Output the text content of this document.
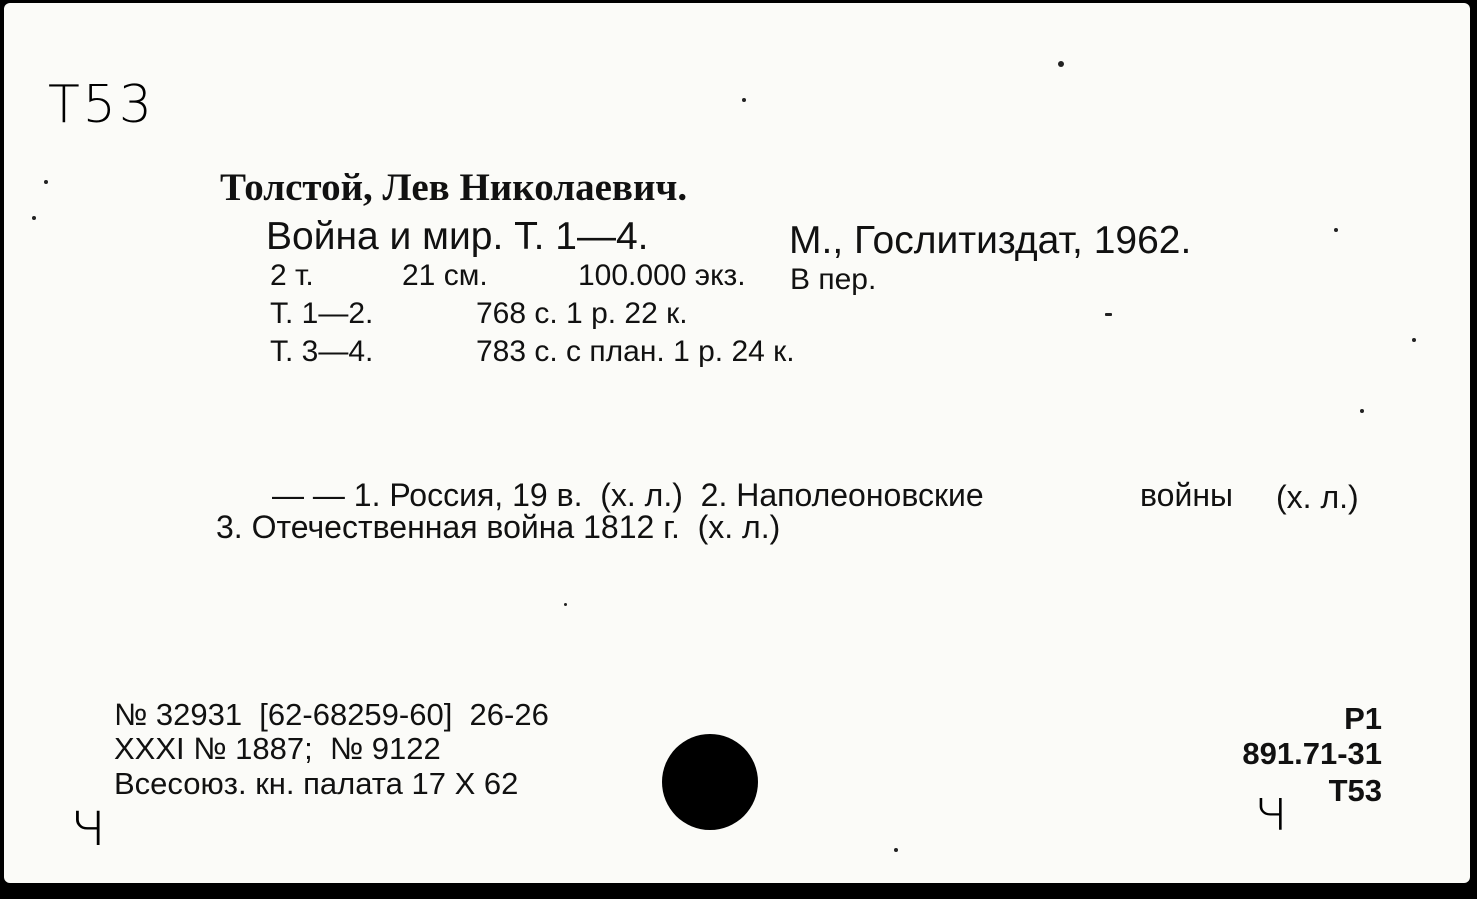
Т53
Толстой, Лев Николаевич.
Война и мир. Т. 1—4.	М., Гослитиздат, 1962.
2 т.	21 см.	100.000 экз. В пер.
Т. 1—2.	768 с. 1 р. 22 к.
Т. 3—4.	783 с. с план. 1 р. 24 к.
— — 1. Россия, 19 в.  (х. л.)  2. Наполеоновские	войны (х. л.)
3. Отечественная война 1812 г.  (х. л.)
№ 32931  [62-68259-60]  26-26
XXXI № 1887;  № 9122
Всесоюз. кн. палата 17 X 62
Р1
891.71-31
Т53
ч	ч
